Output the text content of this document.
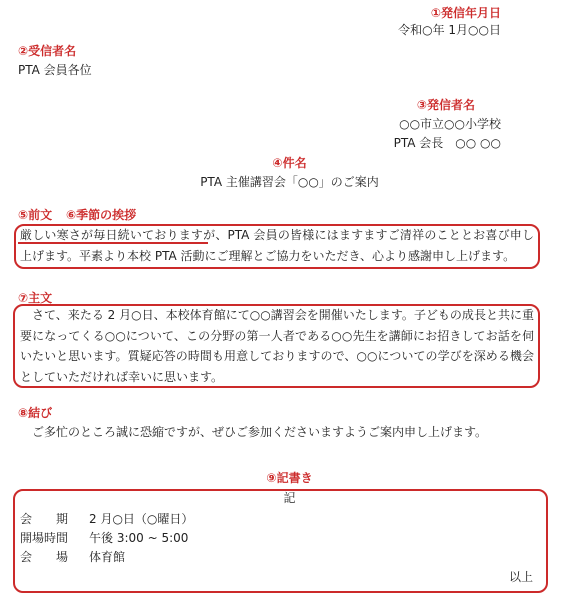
①発信年月日
令和○年 1月○○日
②受信者名
PTA 会員各位
③発信者名
○○市立○○小学校
PTA 会長　○○ ○○
④件名
PTA 主催講習会「○○」のご案内
⑤前文 ⑥季節の挨拶
厳しい寒さが毎日続いておりますが、PTA 会員の皆様にはますますご清祥のこととお喜び申し上げます。平素より本校 PTA 活動にご理解とご協力をいただき、心より感謝申し上げます。
⑦主文
　さて、来たる 2 月○日、本校体育館にて○○講習会を開催いたします。子どもの成長と共に重要になってくる○○について、この分野の第一人者である○○先生を講師にお招きしてお話を伺いたいと思います。質疑応答の時間も用意しておりますので、○○についての学びを深める機会としていただければ幸いに思います。
⑧結び
ご多忙のところ誠に恐縮ですが、ぜひご参加くださいますようご案内申し上げます。
⑨記書き
記
会　　期 2 月○日（○曜日）
開場時間 午後 3:00 ~ 5:00
会　　場 体育館
以上
